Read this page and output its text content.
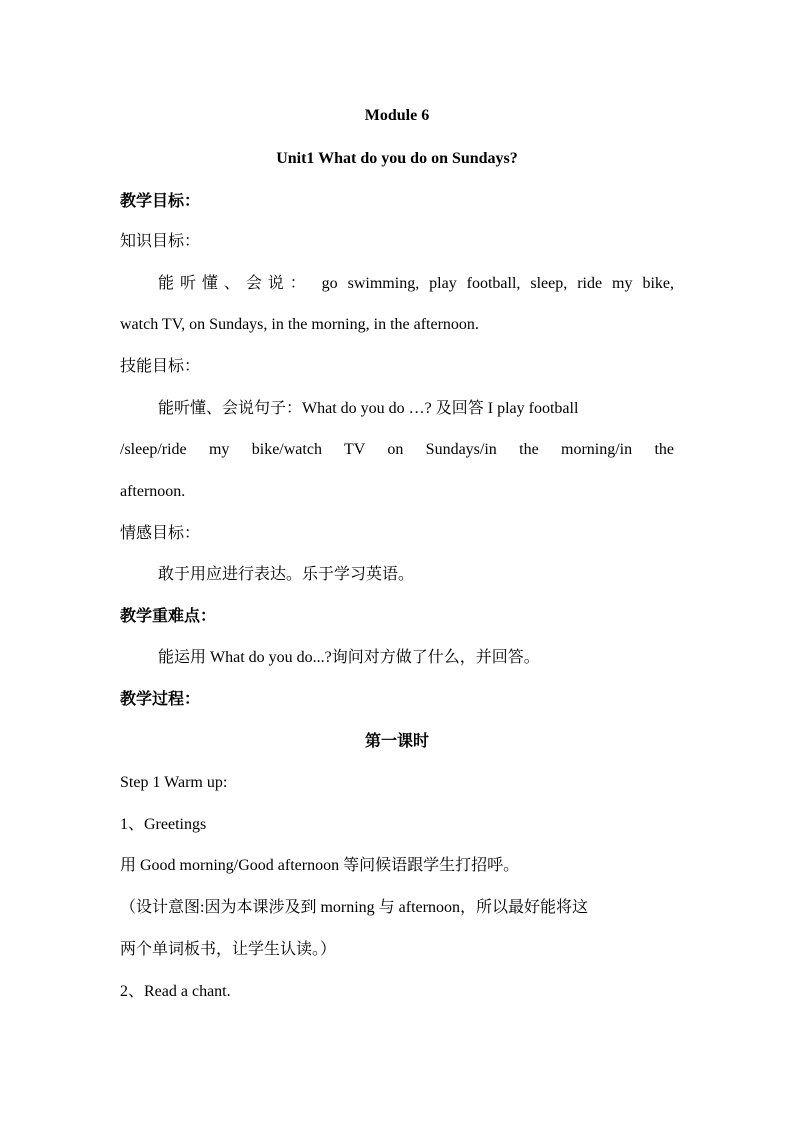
Module 6
Unit1 What do you do on Sundays?
教学目标：
知识目标：
能听懂、会说： go swimming, play football, sleep, ride my bike,
watch TV, on Sundays, in the morning, in the afternoon.
技能目标：
能听懂、会说句子：What do you do …? 及回答 I play football
/sleep/ride my bike/watch TV on Sundays/in the morning/in the
afternoon.
情感目标：
敢于用应进行表达。乐于学习英语。
教学重难点：
能运用 What do you do...?询问对方做了什么，并回答。
教学过程：
第一课时
Step 1 Warm up:
1、Greetings
用 Good morning/Good afternoon 等问候语跟学生打招呼。
（设计意图:因为本课涉及到 morning 与 afternoon，所以最好能将这
两个单词板书，让学生认读。）
2、Read a chant.
